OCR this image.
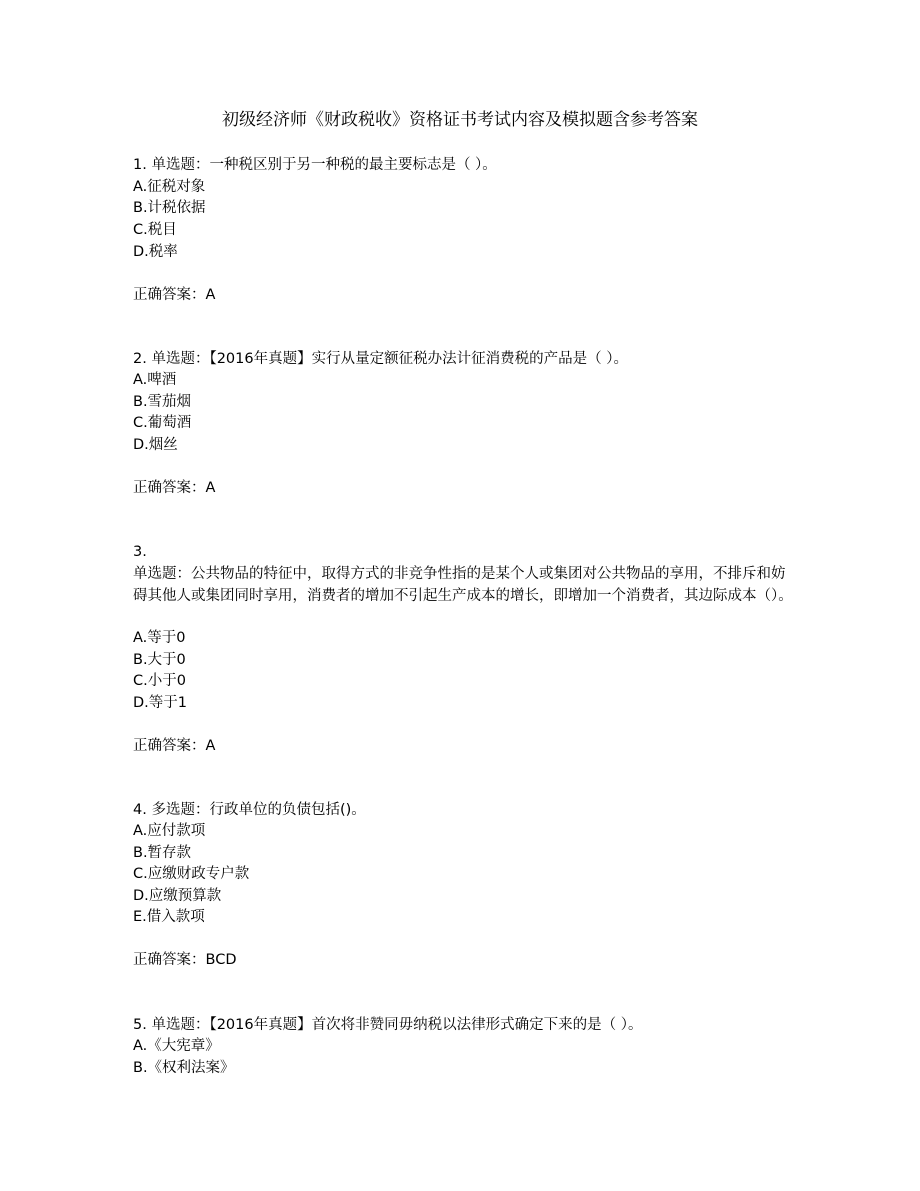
初级经济师《财政税收》资格证书考试内容及模拟题含参考答案
1. 单选题：一种税区别于另一种税的最主要标志是（ ）。
A.征税对象
B.计税依据
C.税目
D.税率
正确答案：A
2. 单选题：【2016年真题】实行从量定额征税办法计征消费税的产品是（ ）。
A.啤酒
B.雪茄烟
C.葡萄酒
D.烟丝
正确答案：A
3.
单选题：公共物品的特征中，取得方式的非竞争性指的是某个人或集团对公共物品的享用，不排斥和妨碍其他人或集团同时享用，消费者的增加不引起生产成本的增长，即增加一个消费者，其边际成本（）。
A.等于0
B.大于0
C.小于0
D.等于1
正确答案：A
4. 多选题：行政单位的负债包括()。
A.应付款项
B.暂存款
C.应缴财政专户款
D.应缴预算款
E.借入款项
正确答案：BCD
5. 单选题：【2016年真题】首次将非赞同毋纳税以法律形式确定下来的是（ ）。
A.《大宪章》
B.《权利法案》
